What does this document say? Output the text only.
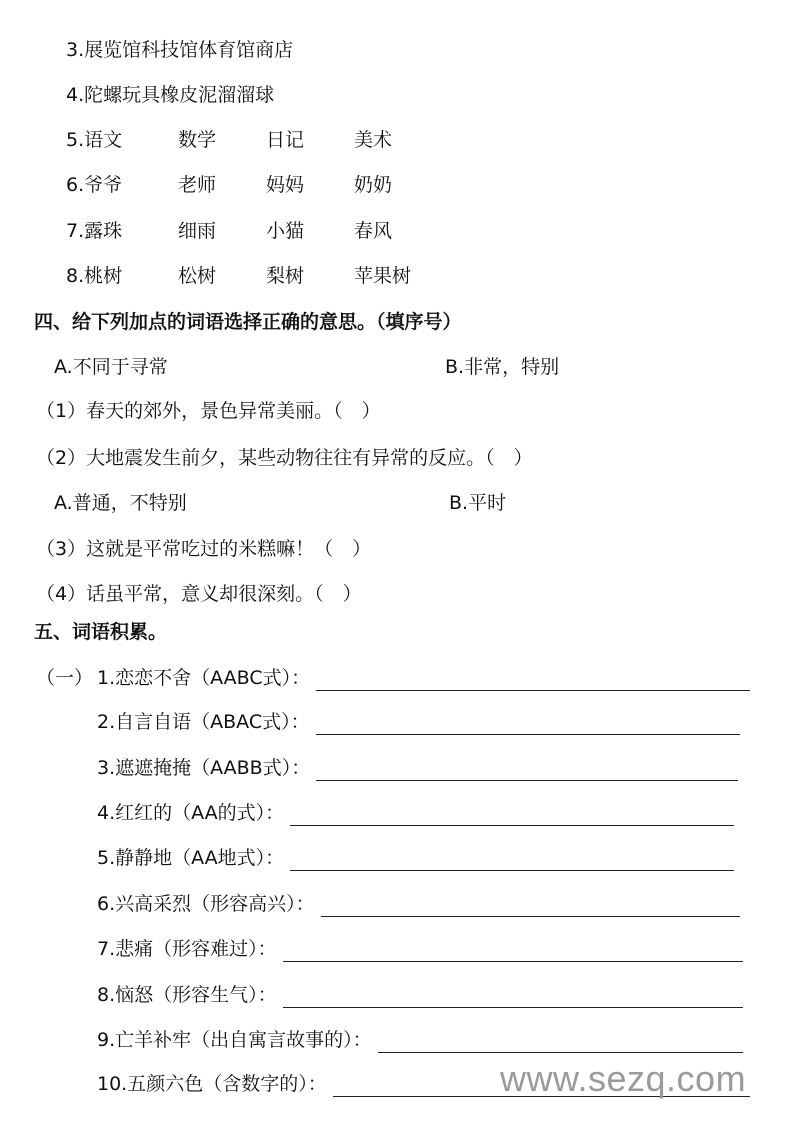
3.展览馆科技馆体育馆商店
4.陀螺玩具橡皮泥溜溜球
5.语文	数学	日记	美术
6.爷爷	老师	妈妈	奶奶
7.露珠	细雨	小猫	春风
8.桃树	松树	梨树	苹果树
四、给下列加点的词语选择正确的意思。（填序号）
A.不同于寻常	B.非常，特别
（1）春天的郊外，景色异常美丽。（　）
（2）大地震发生前夕，某些动物往往有异常的反应。（　）
A.普通，不特别	B.平时
（3）这就是平常吃过的米糕嘛！（　）
（4）话虽平常，意义却很深刻。（　）
五、词语积累。
（一） 1.恋恋不舍（AABC式）：
2.自言自语（ABAC式）：
3.遮遮掩掩（AABB式）：
4.红红的（AA的式）：
5.静静地（AA地式）：
6.兴高采烈（形容高兴）：
7.悲痛（形容难过）：
8.恼怒（形容生气）：
9.亡羊补牢（出自寓言故事的）：
10.五颜六色（含数字的）：	www.sezq.com
